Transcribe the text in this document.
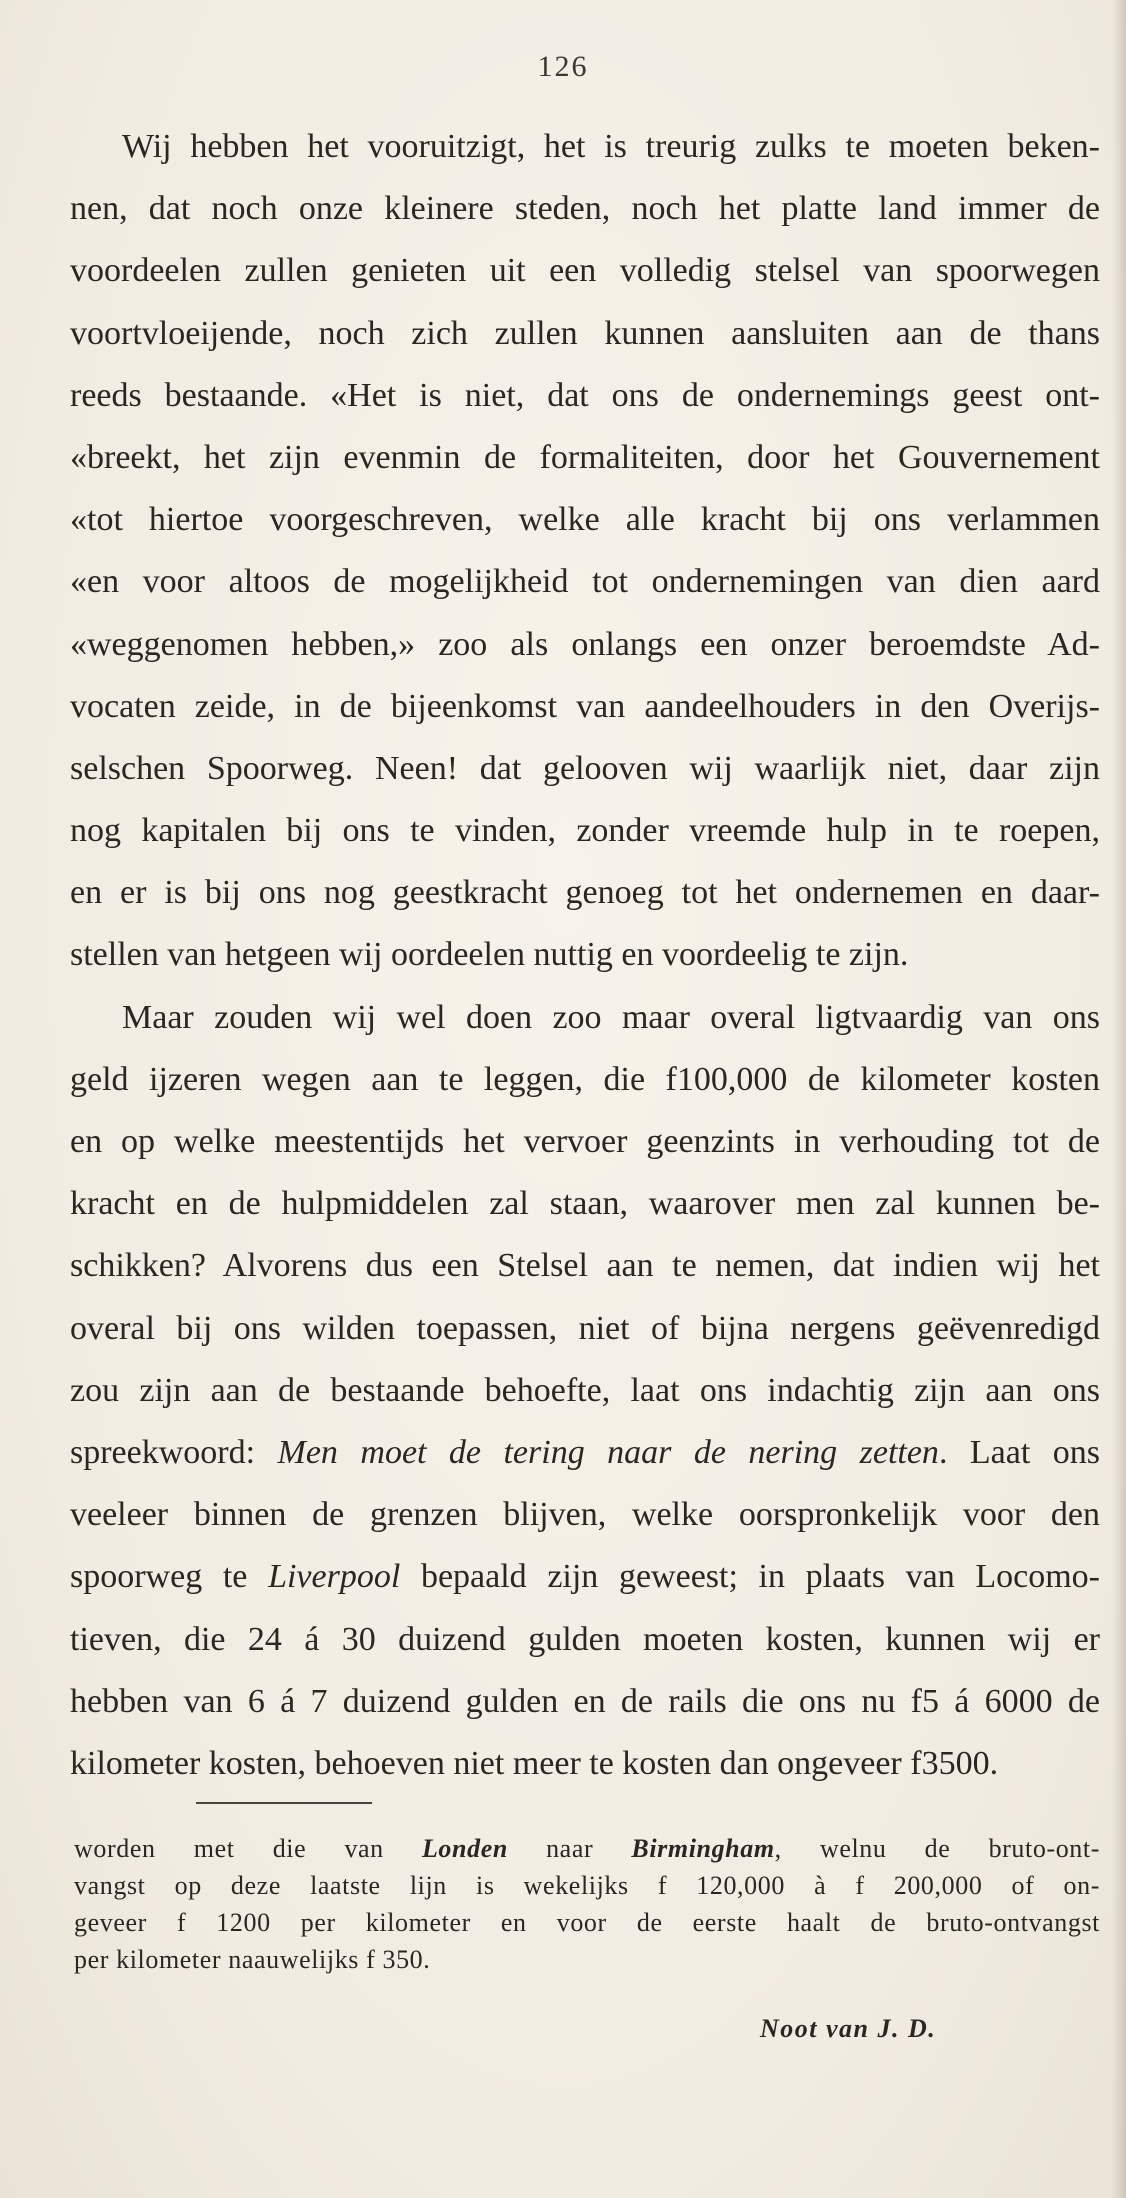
126
Wij hebben het vooruitzigt, het is treurig zulks te moeten beken-
nen, dat noch onze kleinere steden, noch het platte land immer de
voordeelen zullen genieten uit een volledig stelsel van spoorwegen
voortvloeijende, noch zich zullen kunnen aansluiten aan de thans
reeds bestaande. «Het is niet, dat ons de ondernemings geest ont-
«breekt, het zijn evenmin de formaliteiten, door het Gouvernement
«tot hiertoe voorgeschreven, welke alle kracht bij ons verlammen
«en voor altoos de mogelijkheid tot ondernemingen van dien aard
«weggenomen hebben,» zoo als onlangs een onzer beroemdste Ad-
vocaten zeide, in de bijeenkomst van aandeelhouders in den Overijs-
selschen Spoorweg. Neen! dat gelooven wij waarlijk niet, daar zijn
nog kapitalen bij ons te vinden, zonder vreemde hulp in te roepen,
en er is bij ons nog geestkracht genoeg tot het ondernemen en daar-
stellen van hetgeen wij oordeelen nuttig en voordeelig te zijn.
Maar zouden wij wel doen zoo maar overal ligtvaardig van ons
geld ijzeren wegen aan te leggen, die f100,000 de kilometer kosten
en op welke meestentijds het vervoer geenzints in verhouding tot de
kracht en de hulpmiddelen zal staan, waarover men zal kunnen be-
schikken? Alvorens dus een Stelsel aan te nemen, dat indien wij het
overal bij ons wilden toepassen, niet of bijna nergens geëvenredigd
zou zijn aan de bestaande behoefte, laat ons indachtig zijn aan ons
spreekwoord: Men moet de tering naar de nering zetten. Laat ons
veeleer binnen de grenzen blijven, welke oorspronkelijk voor den
spoorweg te Liverpool bepaald zijn geweest; in plaats van Locomo-
tieven, die 24 á 30 duizend gulden moeten kosten, kunnen wij er
hebben van 6 á 7 duizend gulden en de rails die ons nu f5 á 6000 de
kilometer kosten, behoeven niet meer te kosten dan ongeveer f3500.
worden met die van Londen naar Birmingham, welnu de bruto-ont-
vangst op deze laatste lijn is wekelijks f 120,000 à f 200,000 of on-
geveer f 1200 per kilometer en voor de eerste haalt de bruto-ontvangst
per kilometer naauwelijks f 350.
Noot van J. D.
